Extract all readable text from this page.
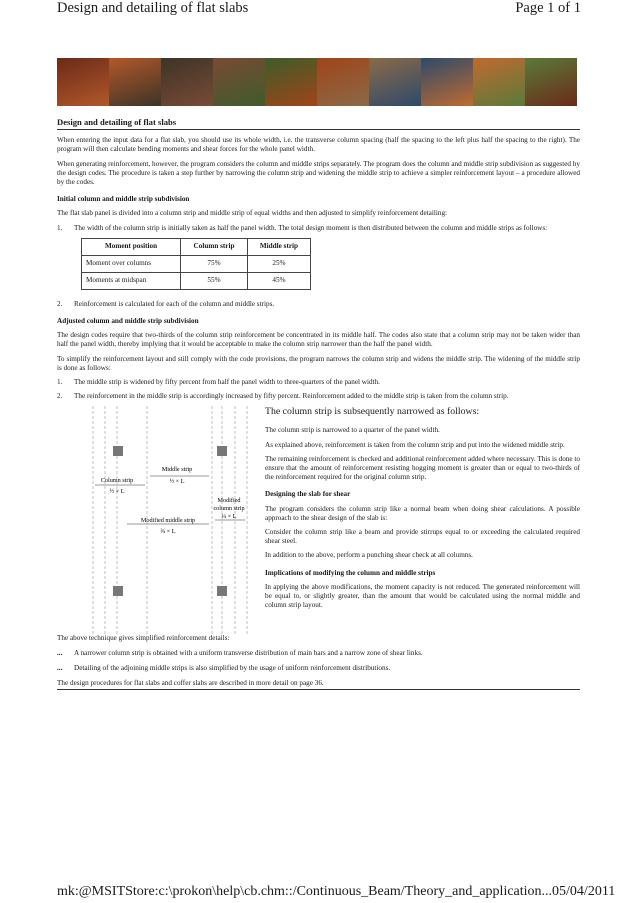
Design and detailing of flat slabs	Page 1 of 1
Design and detailing of flat slabs

When entering the input data for a flat slab, you should use its whole width, i.e. the transverse column spacing (half the spacing to the left plus half the spacing to the right). The program will then calculate bending moments and shear forces for the whole panel width.

When generating reinforcement, however, the program considers the column and middle strips separately. The program does the column and middle strip subdivision as suggested by the design codes. The procedure is taken a step further by narrowing the column strip and widening the middle strip to achieve a simpler reinforcement layout – a procedure allowed by the codes.

Initial column and middle strip subdivision

The flat slab panel is divided into a column strip and middle strip of equal widths and then adjusted to simplify reinforcement detailing:

1.	The width of the column strip is initially taken as half the panel width. The total design moment is then distributed between the column and middle strips as follows:
Moment position	Column strip	Middle strip
Moment over columns	75%	25%
Moments at midspan	55%	45%
2.	Reinforcement is calculated for each of the column and middle strips.
Adjusted column and middle strip subdivision

The design codes require that two-thirds of the column strip reinforcement be concentrated in its middle half. The codes also state that a column strip may not be taken wider than half the panel width, thereby implying that it would be acceptable to make the column strip narrower than the half the panel width.

To simplify the reinforcement layout and still comply with the code provisions, the program narrows the column strip and widens the middle strip. The widening of the middle strip is done as follows:

1.	The middle strip is widened by fifty percent from half the panel width to three-quarters of the panel width.
2.	The reinforcement in the middle strip is accordingly increased by fifty percent. Reinforcement added to the middle strip is taken from the column strip.
Middle strip
½ × L
Column strip
½ × L
Modified
column strip
¼ × L
Modified middle strip
¾ × L
The column strip is subsequently narrowed as follows:

The column strip is narrowed to a quarter of the panel width.

As explained above, reinforcement is taken from the column strip and put into the widened middle strip.

The remaining reinforcement is checked and additional reinforcement added where necessary. This is done to ensure that the amount of reinforcement resisting hogging moment is greater than or equal to two-thirds of the reinforcement required for the original column strip.

Designing the slab for shear

The program considers the column strip like a normal beam when doing shear calculations. A possible approach to the shear design of the slab is:

Consider the column strip like a beam and provide stirrups equal to or exceeding the calculated required shear steel.

In addition to the above, perform a punching shear check at all columns.

Implications of modifying the column and middle strips

In applying the above modifications, the moment capacity is not reduced. The generated reinforcement will be equal to, or slightly greater, than the amount that would be calculated using the normal middle and column strip layout.

The above technique gives simplified reinforcement details:

...	A narrower column strip is obtained with a uniform transverse distribution of main bars and a narrow zone of shear links.
...	Detailing of the adjoining middle strips is also simplified by the usage of uniform reinforcement distributions.
The design procedures for flat slabs and coffer slabs are described in more detail on page 36.
mk:@MSITStore:c:\prokon\help\cb.chm::/Continuous_Beam/Theory_and_application... 05/04/2011
